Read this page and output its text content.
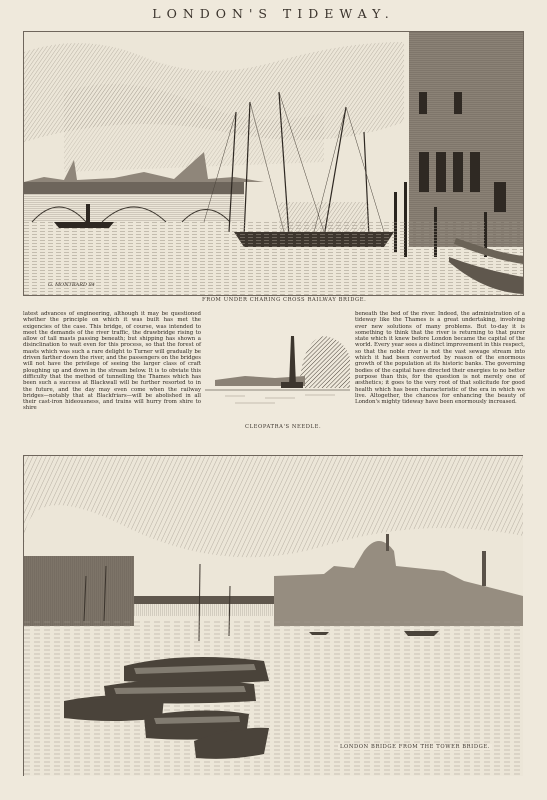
LONDON'S TIDEWAY.
G. MONTBARD 84
FROM UNDER CHARING CROSS RAILWAY BRIDGE.

latest advances of engineering, although it may be questioned whether the principle on which it was built has met the exigencies of the case. This bridge, of course, was intended to meet the demands of the river traffic, the drawbridge rising to allow of tall masts passing beneath; but shipping has shown a disinclination to wait even for this process, so that the forest of masts which was such a rare delight to Turner will gradually be driven farther down the river, and the passengers on the bridges will not have the privilege of seeing the larger class of craft ploughing up and down in the stream below. It is to obviate this difficulty that the method of tunnelling the Thames which has been such a success at Blackwall will be further resorted to in the future, and the day may even come when the railway bridges—notably that at Blackfriars—will be abolished in all their cast-iron hideousness, and trains will hurry from shire to shire

CLEOPATRA'S NEEDLE.

beneath the bed of the river. Indeed, the administration of a tideway like the Thames is a great undertaking, involving ever new solutions of many problems. But to-day it is something to think that the river is returning to that purer state which it knew before London became the capital of the world. Every year sees a distinct improvement in this respect, so that the noble river is not the vast sewage stream into which it had been converted by reason of the enormous growth of the population at its historic banks. The governing bodies of the capital have directed their energies to no better purpose than this, for the question is not merely one of æsthetics; it goes to the very root of that solicitude for good health which has been characteristic of the era in which we live. Altogether, the chances for enhancing the beauty of London's mighty tideway have been enormously increased.

LONDON BRIDGE FROM THE TOWER BRIDGE.
